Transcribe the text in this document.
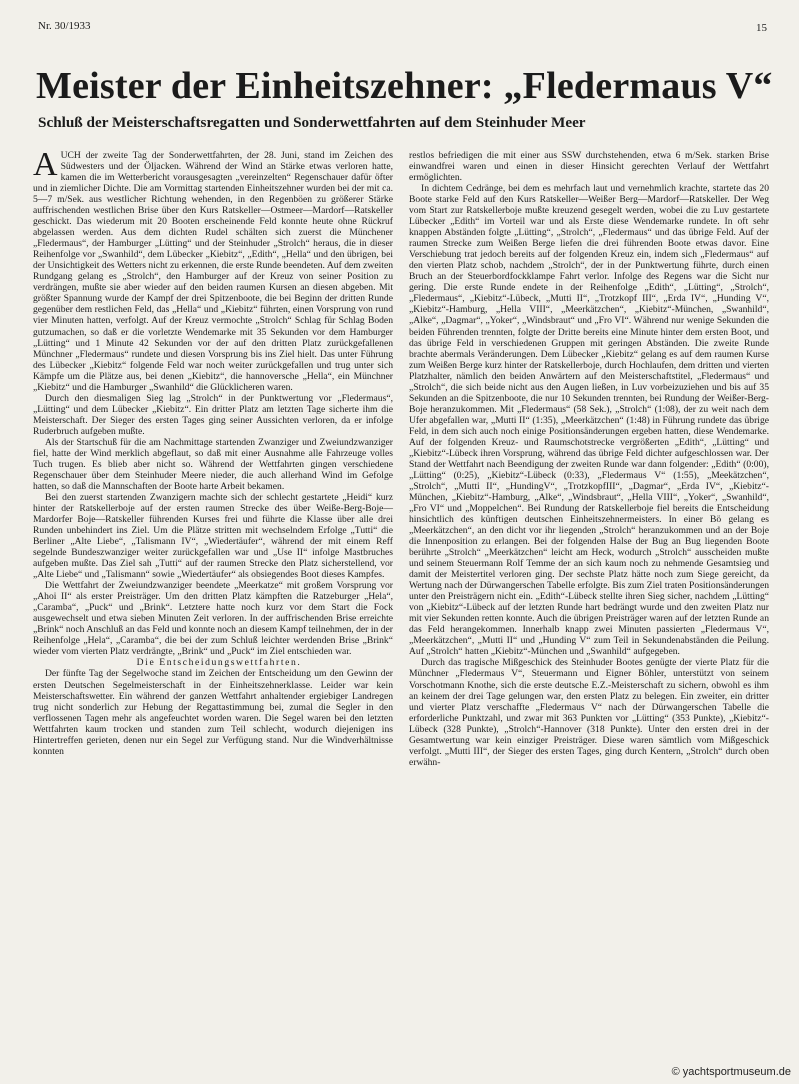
Nr. 30/1933	15
Meister der Einheitszehner: „Fledermaus V“
Schluß der Meisterschaftsregatten und Sonderwettfahrten auf dem Steinhuder Meer

AUCH der zweite Tag der Sonderwettfahrten, der 28. Juni, stand im Zeichen des Südwesters und der Öljacken. Während der Wind an Stärke etwas verloren hatte, kamen die im Wetterbericht vorausgesagten „vereinzelten“ Regenschauer dafür öfter und in ziemlicher Dichte. Die am Vormittag startenden Einheitszehner wurden bei der mit ca. 5—7 m/Sek. aus westlicher Richtung wehenden, in den Regenböen zu größerer Stärke auffrischenden westlichen Brise über den Kurs Ratskeller—Ostmeer—Mardorf—Ratskeller geschickt. Das wiederum mit 20 Booten erscheinende Feld konnte heute ohne Rückruf abgelassen werden. Aus dem dichten Rudel schälten sich zuerst die Münchener „Fledermaus“, der Hamburger „Lütting“ und der Steinhuder „Strolch“ heraus, die in dieser Reihenfolge vor „Swanhild“, dem Lübecker „Kiebitz“, „Edith“, „Hella“ und den übrigen, bei der Unsichtigkeit des Wetters nicht zu erkennen, die erste Runde beendeten. Auf dem zweiten Rundgang gelang es „Strolch“, den Hamburger auf der Kreuz von seiner Position zu verdrängen, mußte sie aber wieder auf den beiden raumen Kursen an diesen abgeben. Mit größter Spannung wurde der Kampf der drei Spitzenboote, die bei Beginn der dritten Runde gegenüber dem restlichen Feld, das „Hella“ und „Kiebitz“ führten, einen Vorsprung von rund vier Minuten hatten, verfolgt. Auf der Kreuz vermochte „Strolch“ Schlag für Schlag Boden gutzumachen, so daß er die vorletzte Wendemarke mit 35 Sekunden vor dem Hamburger „Lütting“ und 1 Minute 42 Sekunden vor der auf den dritten Platz zurückgefallenen Münchner „Fledermaus“ rundete und diesen Vorsprung bis ins Ziel hielt. Das unter Führung des Lübecker „Kiebitz“ folgende Feld war noch weiter zurückgefallen und trug unter sich Kämpfe um die Plätze aus, bei denen „Kiebitz“, die hannoversche „Hella“, ein Münchner „Kiebitz“ und die Hamburger „Swanhild“ die Glücklicheren waren.

Durch den diesmaligen Sieg lag „Strolch“ in der Punktwertung vor „Fledermaus“, „Lütting“ und dem Lübecker „Kiebitz“. Ein dritter Platz am letzten Tage sicherte ihm die Meisterschaft. Der Sieger des ersten Tages ging seiner Aussichten verloren, da er infolge Ruderbruch aufgeben mußte.

Als der Startschuß für die am Nachmittage startenden Zwanziger und Zweiundzwanziger fiel, hatte der Wind merklich abgeflaut, so daß mit einer Ausnahme alle Fahrzeuge volles Tuch trugen. Es blieb aber nicht so. Während der Wettfahrten gingen verschiedene Regenschauer über dem Steinhuder Meere nieder, die auch allerhand Wind im Gefolge hatten, so daß die Mannschaften der Boote harte Arbeit bekamen.

Bei den zuerst startenden Zwanzigern machte sich der schlecht gestartete „Heidi“ kurz hinter der Ratskellerboje auf der ersten raumen Strecke des über Weiße-Berg-Boje—Mardorfer Boje—Ratskeller führenden Kurses frei und führte die Klasse über alle drei Runden unbehindert ins Ziel. Um die Plätze stritten mit wechselndem Erfolge „Tutti“ die Berliner „Alte Liebe“, „Talismann IV“, „Wiedertäufer“, während der mit einem Reff segelnde Bundeszwanziger weiter zurückgefallen war und „Use II“ infolge Mastbruches aufgeben mußte. Das Ziel sah „Tutti“ auf der raumen Strecke den Platz sicherstellend, vor „Alte Liebe“ und „Talismann“ sowie „Wiedertäufer“ als obsiegendes Boot dieses Kampfes.

Die Wettfahrt der Zweiundzwanziger beendete „Meerkatze“ mit großem Vorsprung vor „Ahoi II“ als erster Preisträger. Um den dritten Platz kämpften die Ratzeburger „Hela“, „Caramba“, „Puck“ und „Brink“. Letztere hatte noch kurz vor dem Start die Fock ausgewechselt und etwa sieben Minuten Zeit verloren. In der auffrischenden Brise erreichte „Brink“ noch Anschluß an das Feld und konnte noch an diesem Kampf teilnehmen, der in der Reihenfolge „Hela“, „Caramba“, die bei der zum Schluß leichter werdenden Brise „Brink“ wieder vom vierten Platz verdrängte, „Brink“ und „Puck“ im Ziel entschieden war.

Die Entscheidungswettfahrten.

Der fünfte Tag der Segelwoche stand im Zeichen der Entscheidung um den Gewinn der ersten Deutschen Segelmeisterschaft in der Einheitszehnerklasse. Leider war kein Meisterschaftswetter. Ein während der ganzen Wettfahrt anhaltender ergiebiger Landregen trug nicht sonderlich zur Hebung der Regattastimmung bei, zumal die Segler in den verflossenen Tagen mehr als angefeuchtet worden waren. Die Segel waren bei den letzten Wettfahrten kaum trocken und standen zum Teil schlecht, wodurch diejenigen ins Hintertreffen gerieten, denen nur ein Segel zur Verfügung stand. Nur die Windverhältnisse konnten

restlos befriedigen die mit einer aus SSW durchstehenden, etwa 6 m/Sek. starken Brise einwandfrei waren und einen in dieser Hinsicht gerechten Verlauf der Wettfahrt ermöglichten.

In dichtem Cedränge, bei dem es mehrfach laut und vernehmlich krachte, startete das 20 Boote starke Feld auf den Kurs Ratskeller—Weißer Berg—Mardorf—Ratskeller. Der Weg vom Start zur Ratskellerboje mußte kreuzend gesegelt werden, wobei die zu Luv gestartete Lübecker „Edith“ im Vorteil war und als Erste diese Wendemarke rundete. In oft sehr knappen Abständen folgte „Lütting“, „Strolch“, „Fledermaus“ und das übrige Feld. Auf der raumen Strecke zum Weißen Berge liefen die drei führenden Boote etwas davor. Eine Verschiebung trat jedoch bereits auf der folgenden Kreuz ein, indem sich „Fledermaus“ auf den vierten Platz schob, nachdem „Strolch“, der in der Punktwertung führte, durch einen Bruch an der Steuerbordfockklampe Fahrt verlor. Infolge des Regens war die Sicht nur gering. Die erste Runde endete in der Reihenfolge „Edith“, „Lütting“, „Strolch“, „Fledermaus“, „Kiebitz“-Lübeck, „Mutti II“, „Trotzkopf III“, „Erda IV“, „Hunding V“, „Kiebitz“-Hamburg, „Hella VIII“, „Meerkätzchen“, „Kiebitz“-München, „Swanhild“, „Alke“, „Dagmar“, „Yoker“, „Windsbraut“ und „Fro VI“. Während nur wenige Sekunden die beiden Führenden trennten, folgte der Dritte bereits eine Minute hinter dem ersten Boot, und das übrige Feld in verschiedenen Gruppen mit geringen Abständen. Die zweite Runde brachte abermals Veränderungen. Dem Lübecker „Kiebitz“ gelang es auf dem raumen Kurse zum Weißen Berge kurz hinter der Ratskellerboje, durch Hochlaufen, dem dritten und vierten Platzhalter, nämlich den beiden Anwärtern auf den Meisterschaftstitel, „Fledermaus“ und „Strolch“, die sich beide nicht aus den Augen ließen, in Luv vorbeizuziehen und bis auf 35 Sekunden an die Spitzenboote, die nur 10 Sekunden trennten, bei Rundung der Weißer-Berg-Boje heranzukommen. Mit „Fledermaus“ (58 Sek.), „Strolch“ (1:08), der zu weit nach dem Ufer abgefallen war, „Mutti II“ (1:35), „Meerkätzchen“ (1:48) in Führung rundete das übrige Feld, in dem sich auch noch einige Positionsänderungen ergeben hatten, diese Wendemarke. Auf der folgenden Kreuz- und Raumschotstrecke vergrößerten „Edith“, „Lütting“ und „Kiebitz“-Lübeck ihren Vorsprung, während das übrige Feld dichter aufgeschlossen war. Der Stand der Wettfahrt nach Beendigung der zweiten Runde war dann folgender: „Edith“ (0:00), „Lütting“ (0:25), „Kiebitz“-Lübeck (0:33), „Fledermaus V“ (1:55), „Meekätzchen“, „Strolch“, „Mutti II“, „HundingV“, „TrotzkopfIII“, „Dagmar“, „Erda IV“, „Kiebitz“-München, „Kiebitz“-Hamburg, „Alke“, „Windsbraut“, „Hella VIII“, „Yoker“, „Swanhild“, „Fro VI“ und „Moppelchen“. Bei Rundung der Ratskellerboje fiel bereits die Entscheidung hinsichtlich des künftigen deutschen Einheitszehnermeisters. In einer Bö gelang es „Meerkätzchen“, an den dicht vor ihr liegenden „Strolch“ heranzukommen und an der Boje die Innenposition zu erlangen. Bei der folgenden Halse der Bug an Bug liegenden Boote berührte „Strolch“ „Meerkätzchen“ leicht am Heck, wodurch „Strolch“ ausscheiden mußte und seinem Steuermann Rolf Temme der an sich kaum noch zu nehmende Gesamtsieg und damit der Meistertitel verloren ging. Der sechste Platz hätte noch zum Siege gereicht, da Wertung nach der Dürwangerschen Tabelle erfolgte. Bis zum Ziel traten Positionsänderungen unter den Preisträgern nicht ein. „Edith“-Lübeck stellte ihren Sieg sicher, nachdem „Lütting“ von „Kiebitz“-Lübeck auf der letzten Runde hart bedrängt wurde und den zweiten Platz nur mit vier Sekunden retten konnte. Auch die übrigen Preisträger waren auf der letzten Runde an das Feld herangekommen. Innerhalb knapp zwei Minuten passierten „Fledermaus V“, „Meerkätzchen“, „Mutti II“ und „Hunding V“ zum Teil in Sekundenabständen die Peilung. Auf „Strolch“ hatten „Kiebitz“-München und „Swanhild“ aufgegeben.

Durch das tragische Mißgeschick des Steinhuder Bootes genügte der vierte Platz für die Münchner „Fledermaus V“, Steuermann und Eigner Böhler, unterstützt von seinem Vorschotmann Knothe, sich die erste deutsche E.Z.-Meisterschaft zu sichern, obwohl es ihm an keinem der drei Tage gelungen war, den ersten Platz zu belegen. Ein zweiter, ein dritter und vierter Platz verschaffte „Fledermaus V“ nach der Dürwangerschen Tabelle die erforderliche Punktzahl, und zwar mit 363 Punkten vor „Lütting“ (353 Punkte), „Kiebitz“-Lübeck (328 Punkte), „Strolch“-Hannover (318 Punkte). Unter den ersten drei in der Gesamtwertung war kein einziger Preisträger. Diese waren sämtlich vom Mißgeschick verfolgt. „Mutti III“, der Sieger des ersten Tages, ging durch Kentern, „Strolch“ durch oben erwähn-

© yachtsportmuseum.de
